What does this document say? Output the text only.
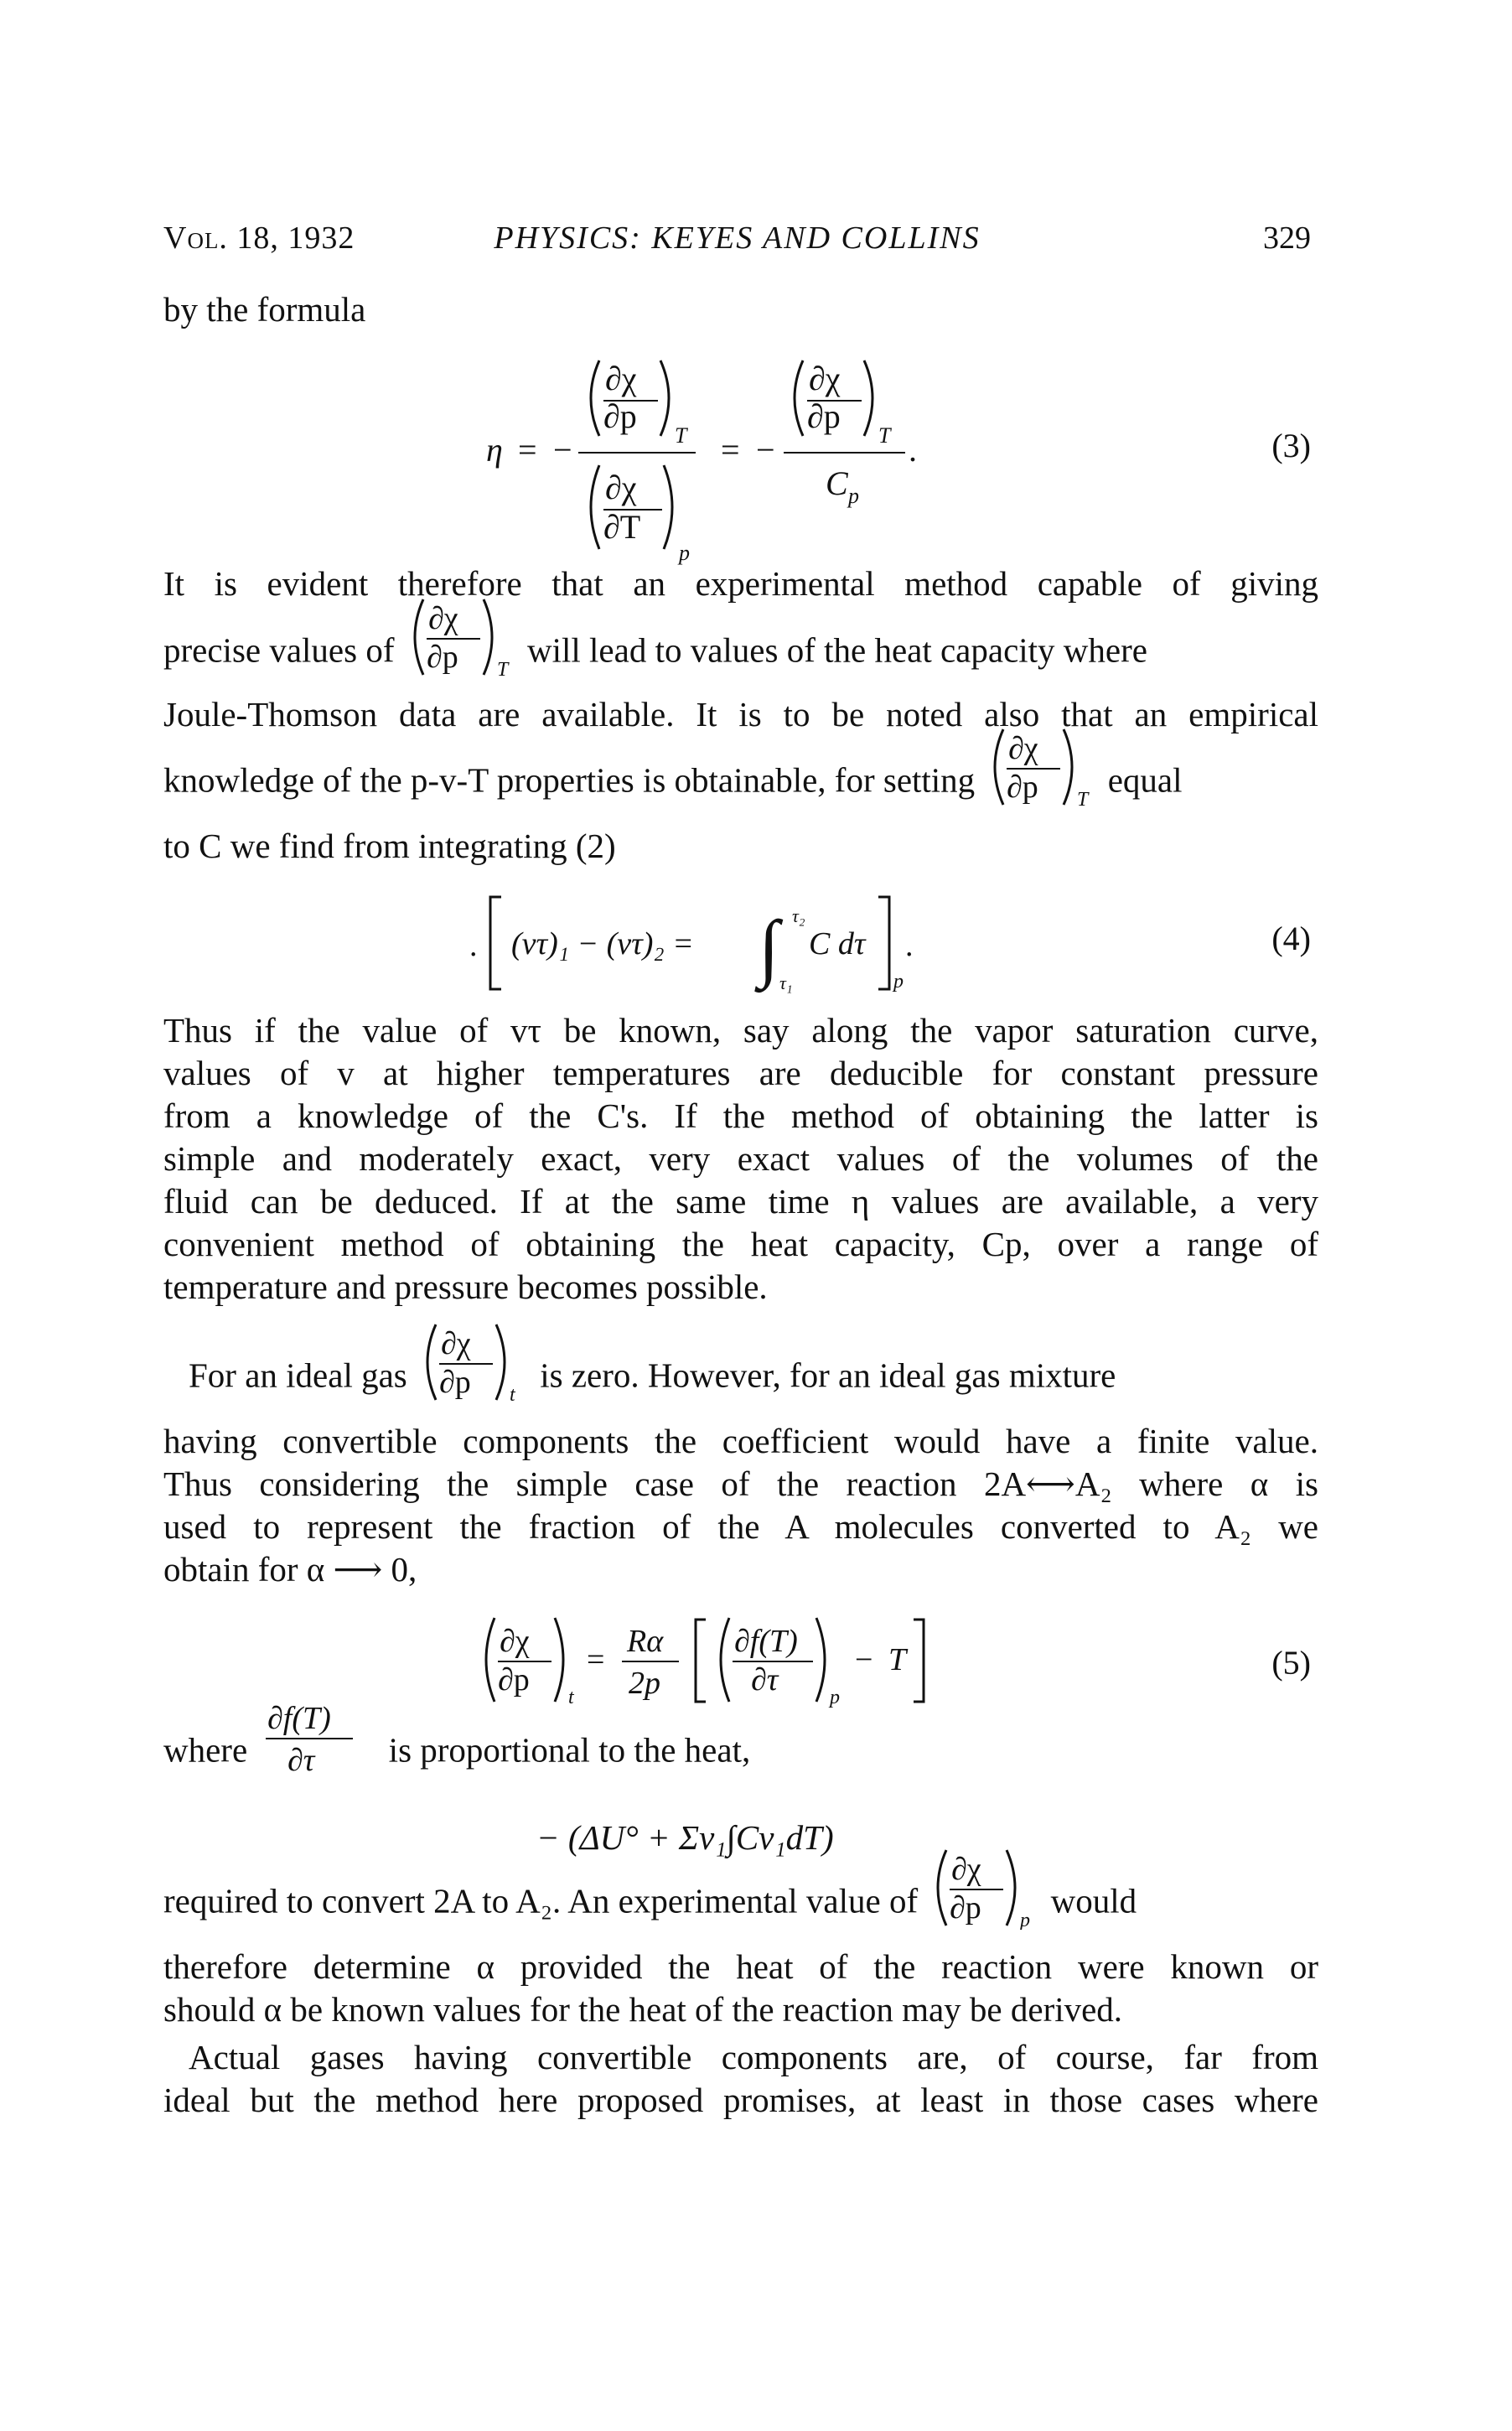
Vol. 18, 1932	PHYSICS: KEYES AND COLLINS	329
by the formula
η = −
∂χ
∂p
T
∂χ
∂T
p
= −
∂χ
∂p
T
C p
.	(3)
It is evident therefore that an experimental method capable of giving
precise values of
∂χ
∂p T
will lead to values of the heat capacity where
Joule-Thomson data are available. It is to be noted also that an empirical
knowledge of the p-v-T properties is obtainable, for setting
∂χ
∂p T
equal
to C we find from integrating (2)
. (vτ)₁ − (vτ)₂ = ∫ τ₂
τ₁
C dτ
p
.	(4)
Thus if the value of vτ be known, say along the vapor saturation curve,
values of v at higher temperatures are deducible for constant pressure
from a knowledge of the C's. If the method of obtaining the latter is
simple and moderately exact, very exact values of the volumes of the
fluid can be deduced. If at the same time η values are available, a very
convenient method of obtaining the heat capacity, Cp, over a range of
temperature and pressure becomes possible.
For an ideal gas
∂χ
∂p t
is zero. However, for an ideal gas mixture
having convertible components the coefficient would have a finite value.
Thus considering the simple case of the reaction 2A⟷A₂ where α is
used to represent the fraction of the A molecules converted to A₂ we
obtain for α ⟶ 0,
∂χ
∂p t
=
Rα
2p
∂f(T)
∂τ	p
− T	(5)
where
∂f(T)
∂τ is proportional to the heat,
− (ΔU° + Σν₁∫Cν₁dT)
required to convert 2A to A₂. An experimental value of
∂χ
∂p p
would
therefore determine α provided the heat of the reaction were known or
should α be known values for the heat of the reaction may be derived.
Actual gases having convertible components are, of course, far from
ideal but the method here proposed promises, at least in those cases where
